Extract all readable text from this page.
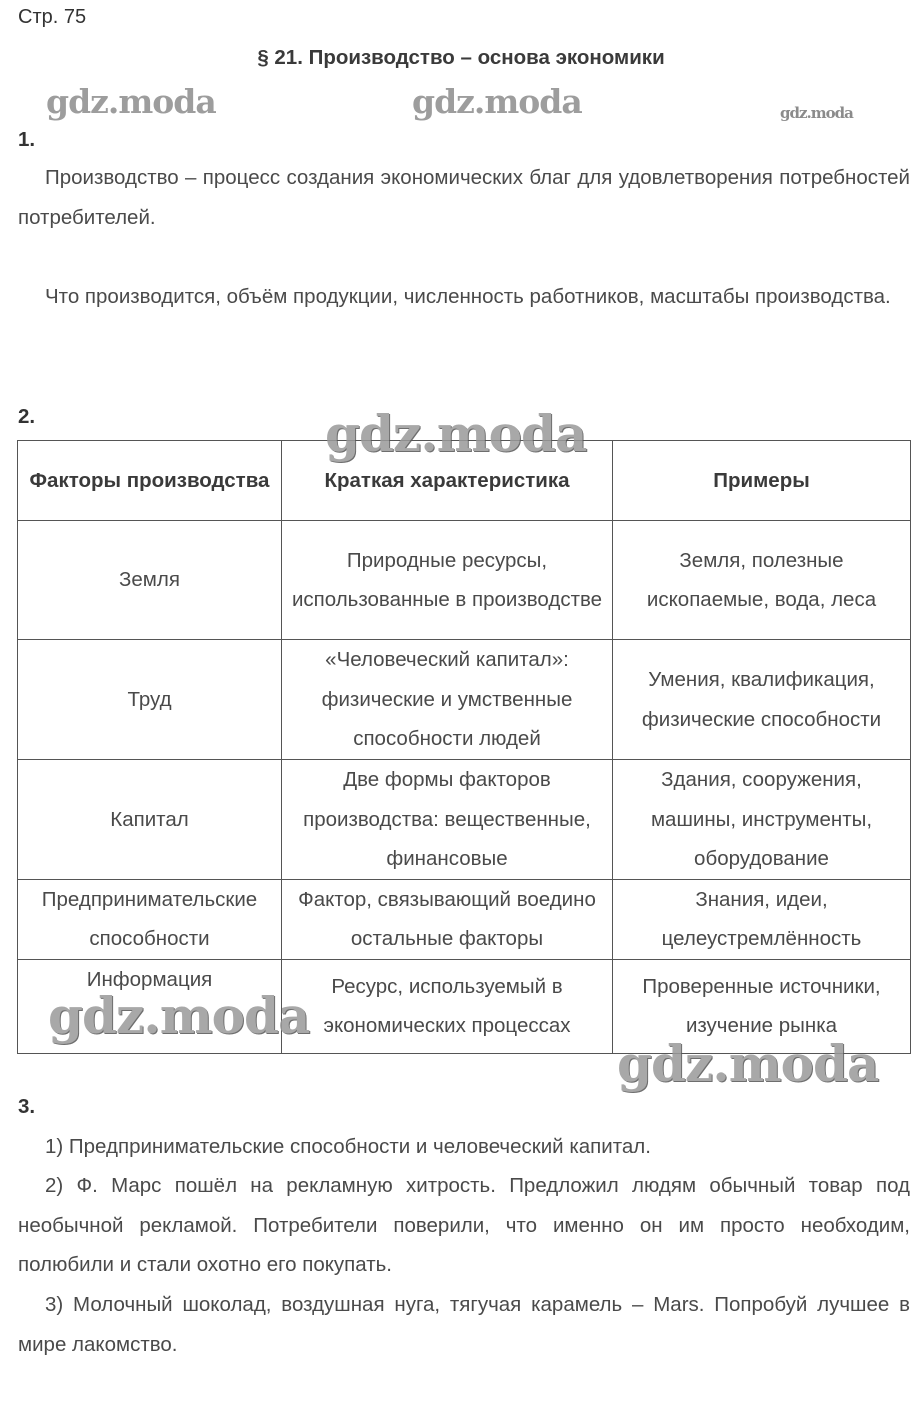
Стр. 75
§ 21. Производство – основа экономики
gdz.moda	gdz.moda	gdz.moda
1.
Производство – процесс создания экономических благ для удовлетворения потребностей потребителей.
Что производится, объём продукции, численность работников, масштабы производства.
2.
Факторы производства	Краткая характеристика	Примеры
Земля	Природные ресурсы, использованные в производстве	Земля, полезные ископаемые, вода, леса
Труд	«Человеческий капитал»: физические и умственные способности людей	Умения, квалификация, физические способности
Капитал	Две формы факторов производства: вещественные, финансовые	Здания, сооружения, машины, инструменты, оборудование
Предпринимательские способности	Фактор, связывающий воедино остальные факторы	Знания, идеи, целеустремлённость
Информация	Ресурс, используемый в экономических процессах	Проверенные источники, изучение рынка
gdz.moda
gdz.moda
gdz.moda
3.
1) Предпринимательские способности и человеческий капитал.
2) Ф. Марс пошёл на рекламную хитрость. Предложил людям обычный товар под необычной рекламой. Потребители поверили, что именно он им просто необходим, полюбили и стали охотно его покупать.
3) Молочный шоколад, воздушная нуга, тягучая карамель – Mars. Попробуй лучшее в мире лакомство.
